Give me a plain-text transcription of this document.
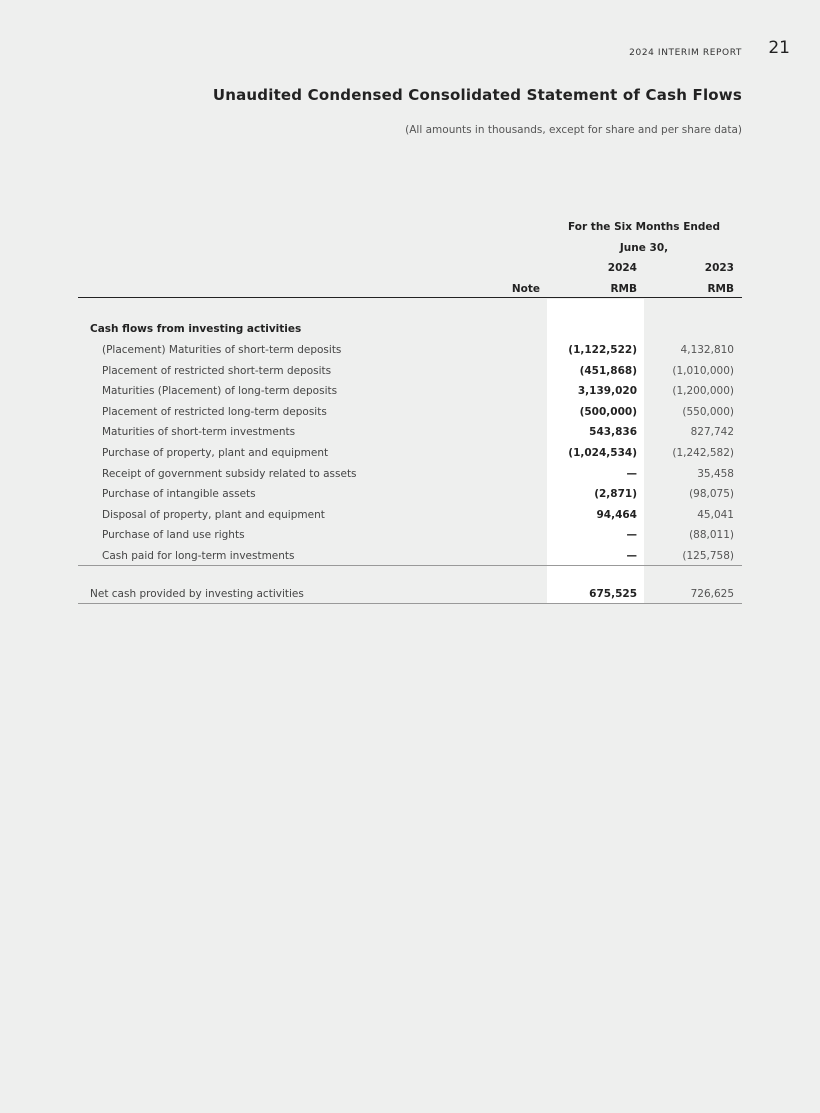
2024 INTERIM REPORT 21
Unaudited Condensed Consolidated Statement of Cash Flows
(All amounts in thousands, except for share and per share data)
For the Six Months Ended
June 30,
2024	2023
Note	RMB	RMB
Cash flows from investing activities
(Placement) Maturities of short-term deposits	(1,122,522)	4,132,810
Placement of restricted short-term deposits	(451,868)	(1,010,000)
Maturities (Placement) of long-term deposits	3,139,020	(1,200,000)
Placement of restricted long-term deposits	(500,000)	(550,000)
Maturities of short-term investments	543,836	827,742
Purchase of property, plant and equipment	(1,024,534)	(1,242,582)
Receipt of government subsidy related to assets	—	35,458
Purchase of intangible assets	(2,871)	(98,075)
Disposal of property, plant and equipment	94,464	45,041
Purchase of land use rights	—	(88,011)
Cash paid for long-term investments	—	(125,758)
Net cash provided by investing activities	675,525	726,625
